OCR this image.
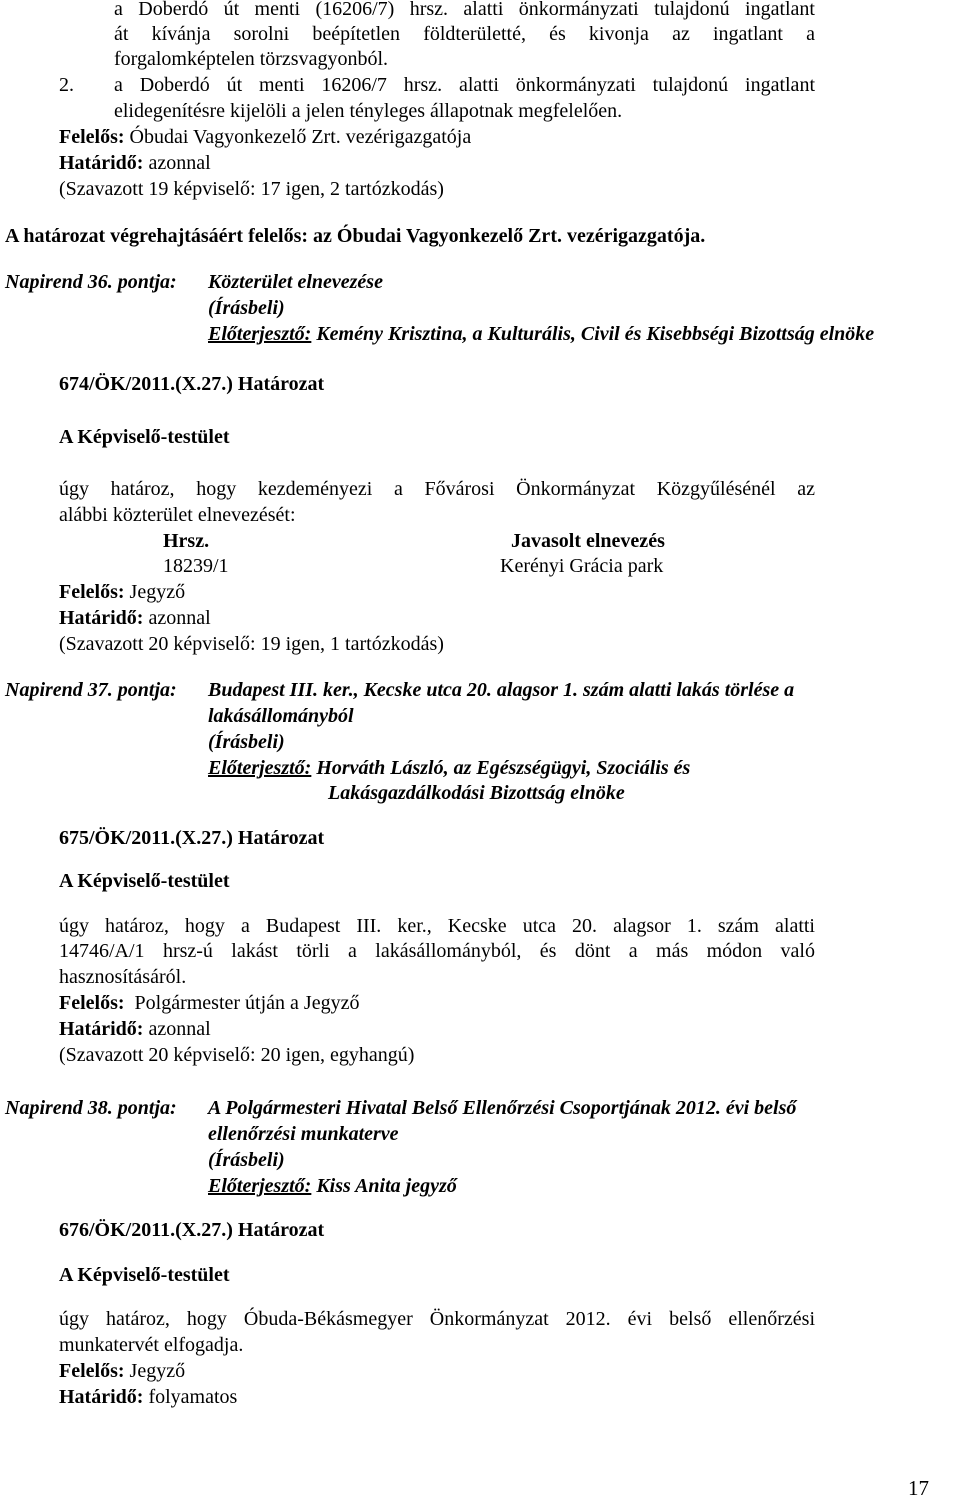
a Doberdó út menti (16206/7) hrsz. alatti önkormányzati tulajdonú ingatlant
át kívánja sorolni beépítetlen földterületté, és kivonja az ingatlant a
forgalomképtelen törzsvagyonból.
2. a Doberdó út menti 16206/7 hrsz. alatti önkormányzati tulajdonú ingatlant
elidegenítésre kijelöli a jelen tényleges állapotnak megfelelően.
Felelős: Óbudai Vagyonkezelő Zrt. vezérigazgatója
Határidő: azonnal
(Szavazott 19 képviselő: 17 igen, 2 tartózkodás)
A határozat végrehajtásáért felelős: az Óbudai Vagyonkezelő Zrt. vezérigazgatója.
Napirend 36. pontja: Közterület elnevezése
(Írásbeli)
Előterjesztő: Kemény Krisztina, a Kulturális, Civil és Kisebbségi Bizottság elnöke
674/ÖK/2011.(X.27.) Határozat
A Képviselő-testület
úgy határoz, hogy kezdeményezi a Fővárosi Önkormányzat Közgyűlésénél az
alábbi közterület elnevezését:
Hrsz.	Javasolt elnevezés
18239/1	Kerényi Grácia park
Felelős: Jegyző
Határidő: azonnal
(Szavazott 20 képviselő: 19 igen, 1 tartózkodás)
Napirend 37. pontja: Budapest III. ker., Kecske utca 20. alagsor 1. szám alatti lakás törlése a
lakásállományból
(Írásbeli)
Előterjesztő: Horváth László, az Egészségügyi, Szociális és
Lakásgazdálkodási Bizottság elnöke
675/ÖK/2011.(X.27.) Határozat
A Képviselő-testület
úgy határoz, hogy a Budapest III. ker., Kecske utca 20. alagsor 1. szám alatti
14746/A/1 hrsz-ú lakást törli a lakásállományból, és dönt a más módon való
hasznosításáról.
Felelős:  Polgármester útján a Jegyző
Határidő: azonnal
(Szavazott 20 képviselő: 20 igen, egyhangú)
Napirend 38. pontja: A Polgármesteri Hivatal Belső Ellenőrzési Csoportjának 2012. évi belső
ellenőrzési munkaterve
(Írásbeli)
Előterjesztő: Kiss Anita jegyző
676/ÖK/2011.(X.27.) Határozat
A Képviselő-testület
úgy határoz, hogy Óbuda-Békásmegyer Önkormányzat 2012. évi belső ellenőrzési
munkatervét elfogadja.
Felelős: Jegyző
Határidő: folyamatos
17
